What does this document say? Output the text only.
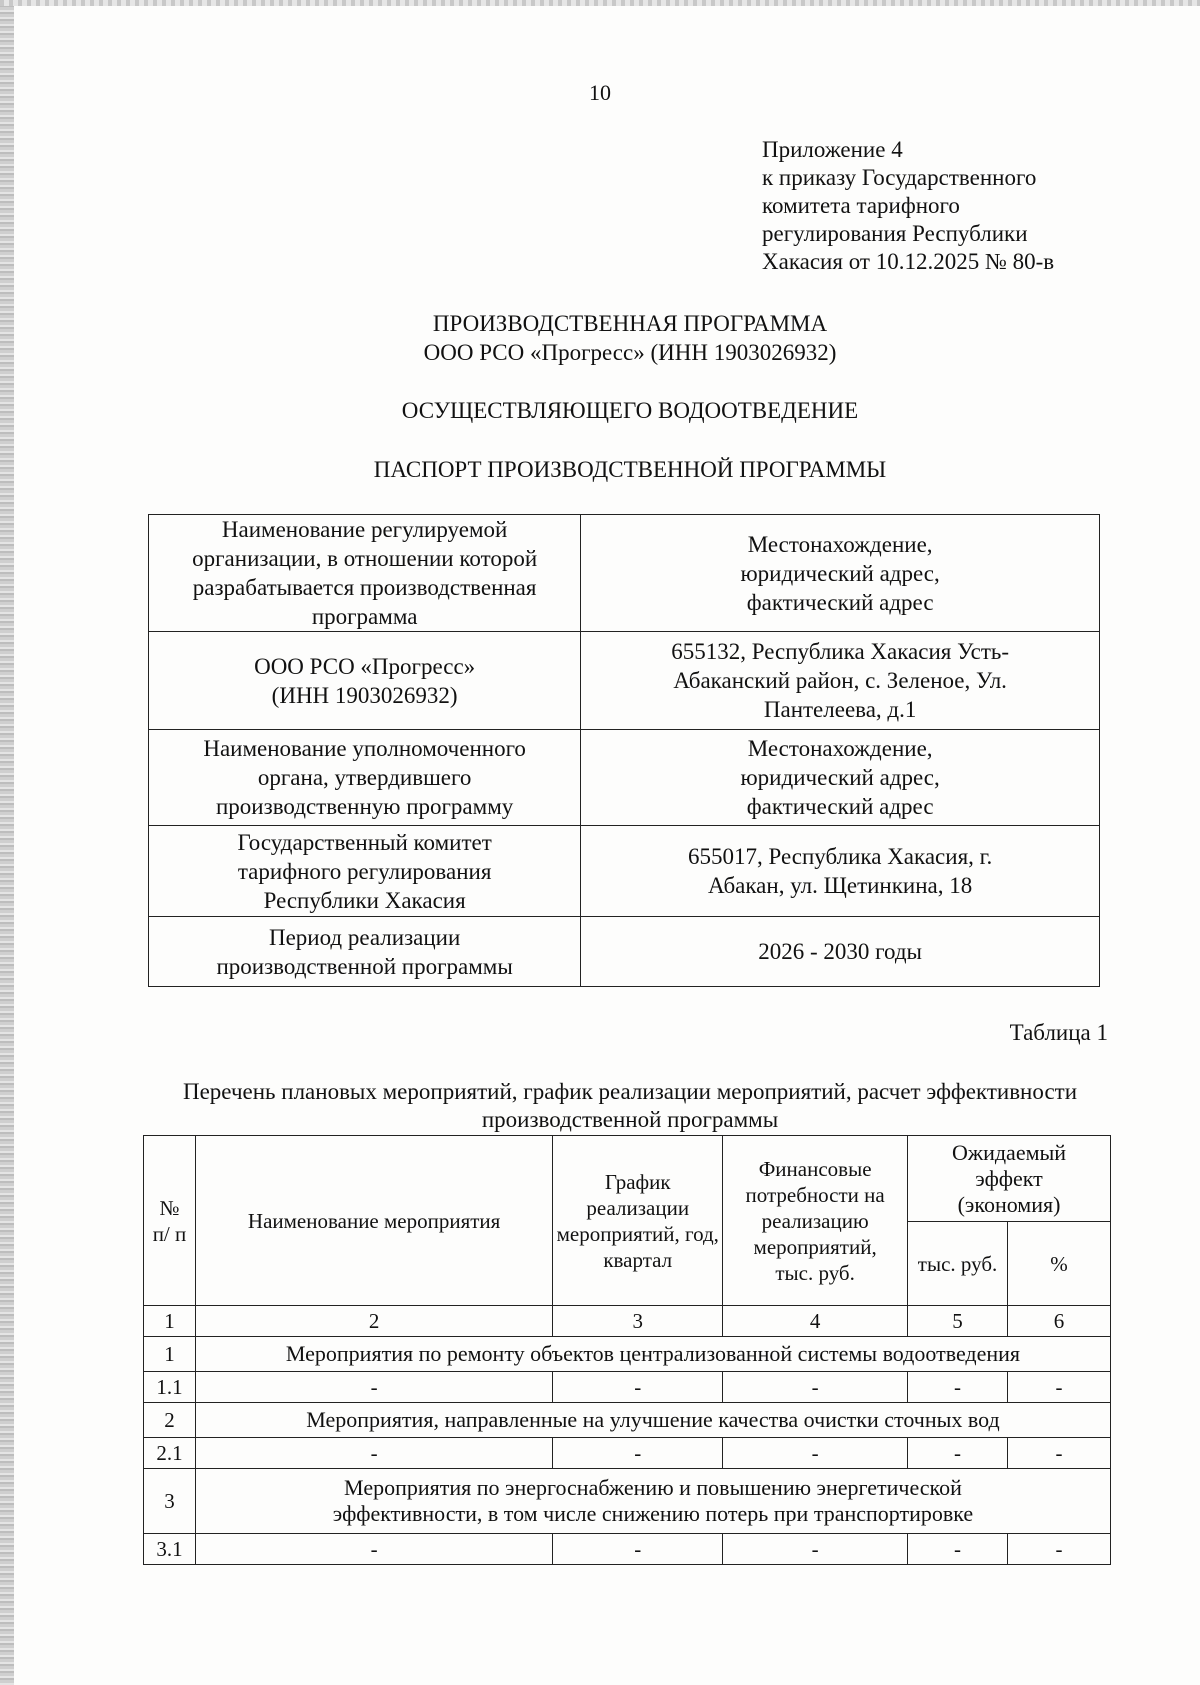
10
Приложение 4
к приказу Государственного
комитета тарифного
регулирования Республики
Хакасия от 10.12.2025 № 80-в
ПРОИЗВОДСТВЕННАЯ ПРОГРАММА
ООО РСО «Прогресс» (ИНН 1903026932)
ОСУЩЕСТВЛЯЮЩЕГО ВОДООТВЕДЕНИЕ
ПАСПОРТ ПРОИЗВОДСТВЕННОЙ ПРОГРАММЫ
Наименование регулируемой организации, в отношении которой разрабатывается производственная программа	Местонахождение, юридический адрес, фактический адрес
ООО РСО «Прогресс» (ИНН 1903026932)	655132, Республика Хакасия Усть-Абаканский район, с. Зеленое, Ул. Пантелеева, д.1
Наименование уполномоченного органа, утвердившего производственную программу	Местонахождение, юридический адрес, фактический адрес
Государственный комитет тарифного регулирования Республики Хакасия	655017, Республика Хакасия, г. Абакан, ул. Щетинкина, 18
Период реализации производственной программы	2026 - 2030 годы
Таблица 1
Перечень плановых мероприятий, график реализации мероприятий, расчет эффективности производственной программы
№ п/ п	Наименование мероприятия	График реализации мероприятий, год, квартал	Финансовые потребности на реализацию мероприятий, тыс. руб.	Ожидаемый эффект (экономия)	
				тыс. руб.	%
1	2	3	4	5	6
1	Мероприятия по ремонту объектов централизованной системы водоотведения				
1.1	-	-	-	-	-
2	Мероприятия, направленные на улучшение качества очистки сточных вод				
2.1	-	-	-	-	-
3	Мероприятия по энергоснабжению и повышению энергетической эффективности, в том числе снижению потерь при транспортировке				
3.1	-	-	-	-	-
